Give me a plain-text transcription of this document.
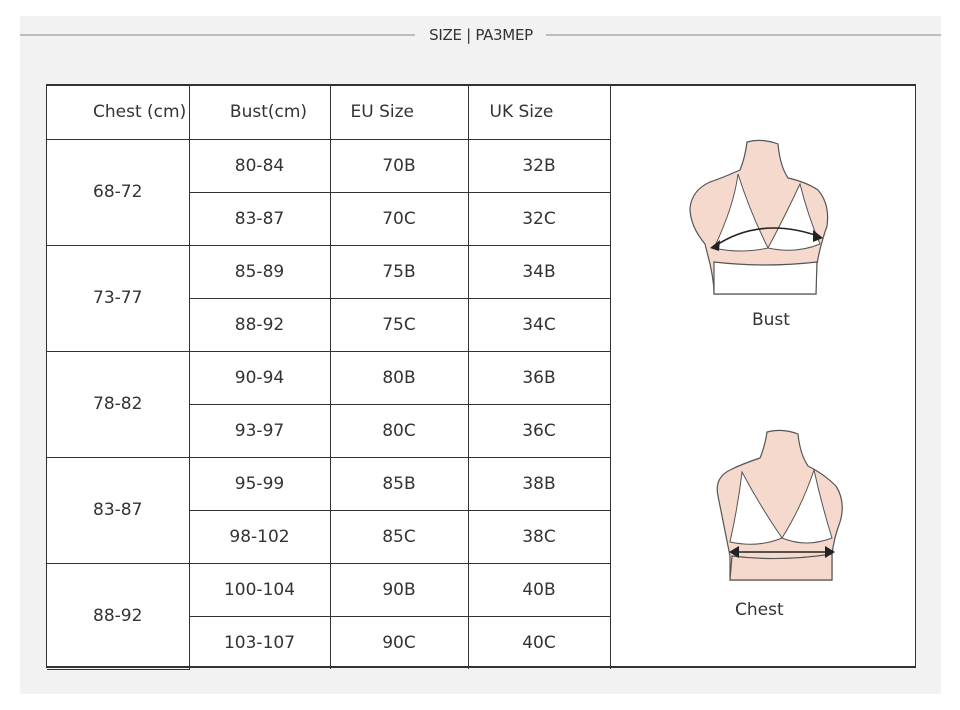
SIZE | PA3MEP
Chest (cm)	Bust(cm)	EU Size	UK Size
68-72	80-84	70B	32B
	83-87	70C	32C
73-77	85-89	75B	34B
	88-92	75C	34C
78-82	90-94	80B	36B
	93-97	80C	36C
83-87	95-99	85B	38B
	98-102	85C	38C
88-92	100-104	90B	40B
	103-107	90C	40C
Bust
Chest
